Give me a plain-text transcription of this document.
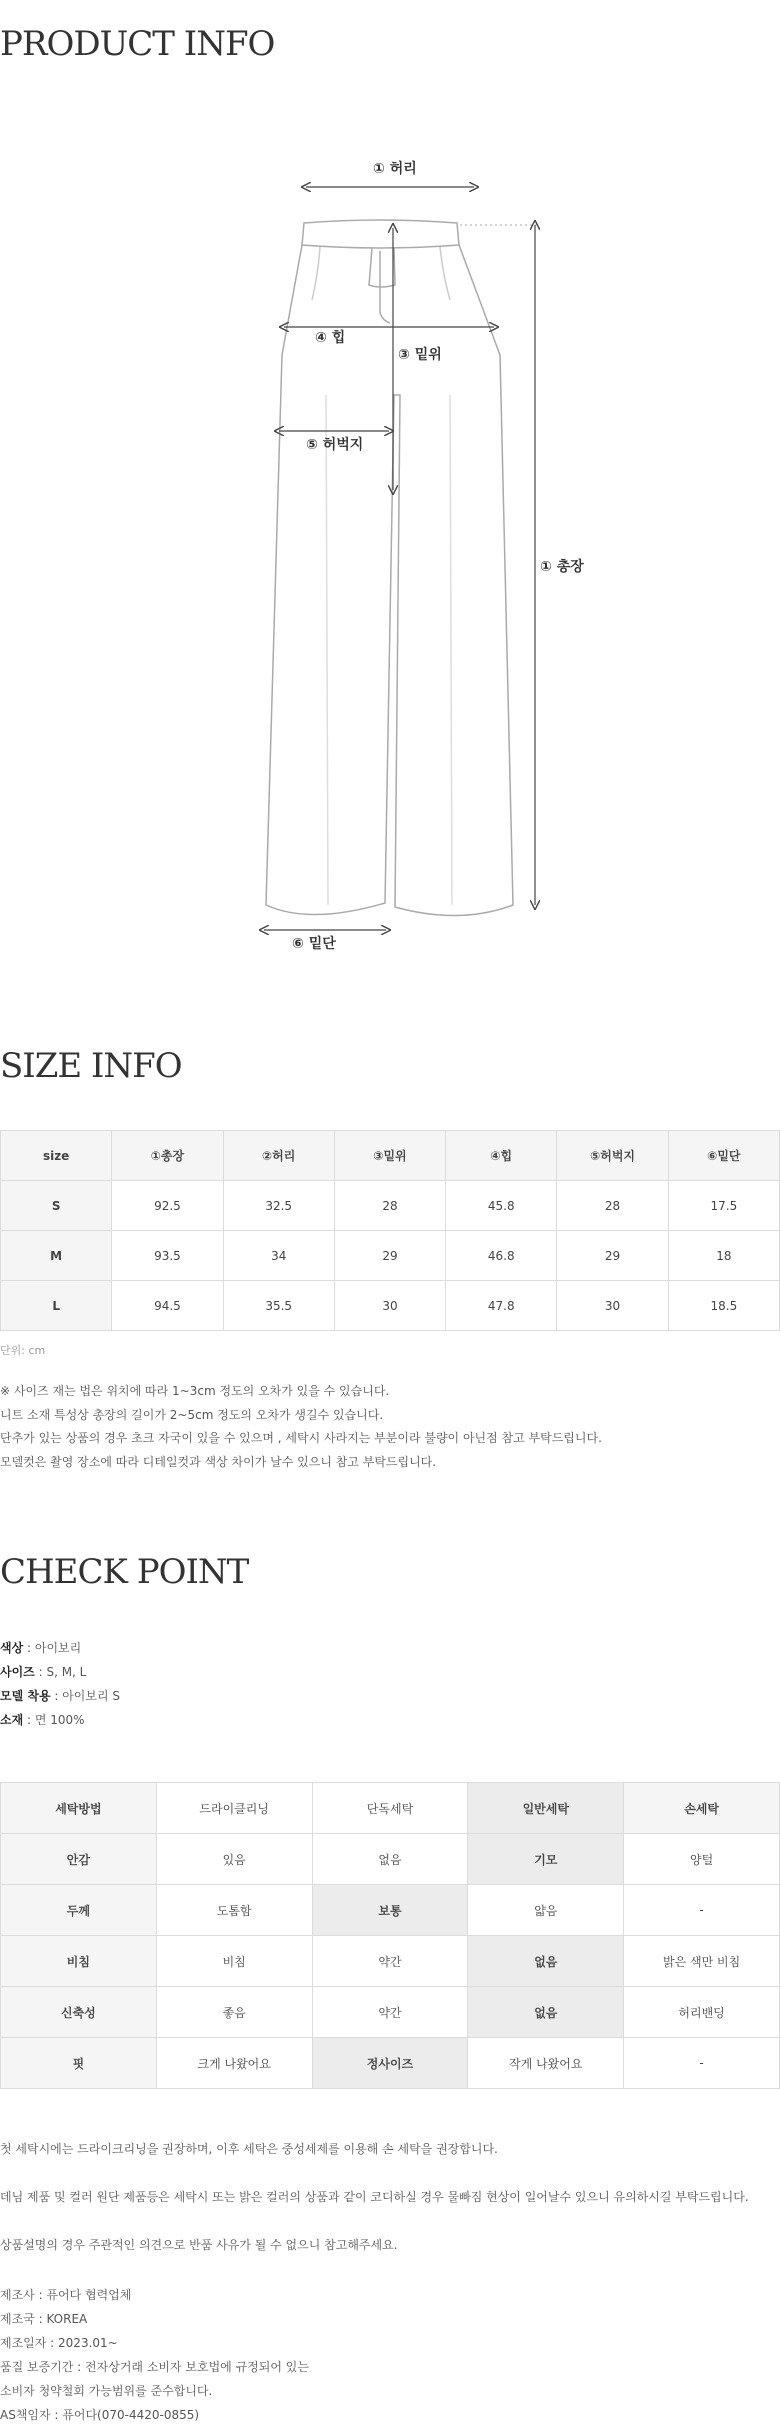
PRODUCT INFO
① 허리
④ 힙
③ 밑위
⑤ 허벅지
① 총장
⑥ 밑단
SIZE INFO
size	①총장	②허리	③밑위	④힙	⑤허벅지	⑥밑단
S	92.5	32.5	28	45.8	28	17.5
M	93.5	34	29	46.8	29	18
L	94.5	35.5	30	47.8	30	18.5
단위: cm
※ 사이즈 재는 법은 위치에 따라 1~3cm 정도의 오차가 있을 수 있습니다.
니트 소재 특성상 총장의 길이가 2~5cm 정도의 오차가 생길수 있습니다.
단추가 있는 상품의 경우 초크 자국이 있을 수 있으며 , 세탁시 사라지는 부분이라 불량이 아닌점 참고 부탁드립니다.
모델컷은 촬영 장소에 따라 디테일컷과 색상 차이가 날수 있으니 참고 부탁드립니다.
CHECK POINT
색상 : 아이보리
사이즈 : S, M, L
모델 착용 : 아이보리 S
소재 : 면 100%
세탁방법	드라이클리닝	단독세탁	일반세탁	손세탁
안감	있음	없음	기모	양털
두께	도톰함	보통	얇음	-
비침	비침	약간	없음	밝은 색만 비침
신축성	좋음	약간	없음	허리밴딩
핏	크게 나왔어요	정사이즈	작게 나왔어요	-
첫 세탁시에는 드라이크리닝을 권장하며, 이후 세탁은 중성세제를 이용해 손 세탁을 권장합니다.
데님 제품 및 컬러 원단 제품등은 세탁시 또는 밝은 컬러의 상품과 같이 코디하실 경우 물빠짐 현상이 일어날수 있으니 유의하시길 부탁드립니다.
상품설명의 경우 주관적인 의견으로 반품 사유가 될 수 없으니 참고해주세요.
제조사 : 퓨어다 협력업체
제조국 : KOREA
제조일자 : 2023.01~
품질 보증기간 : 전자상거래 소비자 보호법에 규정되어 있는
소비자 청약철회 가능범위를 준수합니다.
AS책임자 : 퓨어다(070-4420-0855)
